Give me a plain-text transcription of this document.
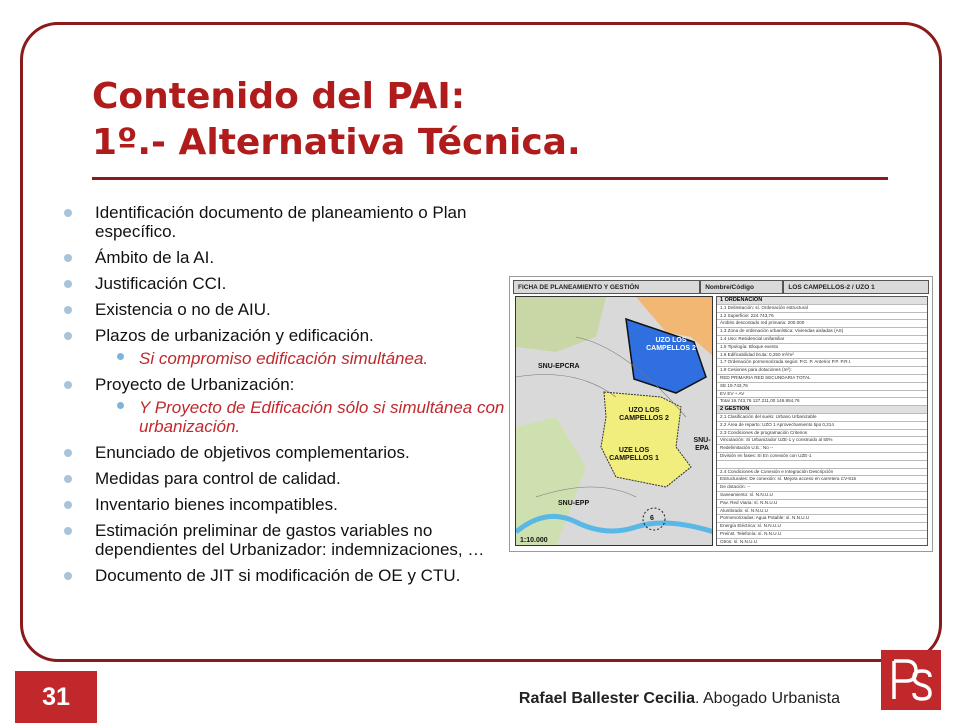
Contenido del PAI:
1º.- Alternativa Técnica.
Identificación documento de planeamiento o Plan específico.
Ámbito de la AI.
Justificación CCI.
Existencia o no de AIU.
Plazos de urbanización y edificación.
Si compromiso edificación simultánea.
Proyecto de Urbanización:
Y Proyecto de Edificación sólo si simultánea con urbanización.
Enunciado de objetivos complementarios.
Medidas para control de calidad.
Inventario bienes incompatibles.
Estimación preliminar de gastos variables no dependientes del Urbanizador: indemnizaciones, …
Documento de JIT si modificación de OE y CTU.
FICHA DE PLANEAMIENTO Y GESTIÓN	Nombre/Código	LOS CAMPELLOS-2 / UZO 1
UZO LOS CAMPELLOS 2
SNU-EPCRA
UZO LOS CAMPELLOS 2
UZE LOS CAMPELLOS 1
SNU-EPP
SNU-EPA
6
1:10.000
1 ORDENACIÓN
1.1 Delimitación: sí. Ordenación estructural
1.2 Superficie: 224.743,76
Ámbito descontado red primaria: 200.000
1.3 Zona de ordenación urbanística: Viviendas aisladas (AS)
1.4 Uso: Residencial unifamiliar
1.5 Tipología: Bloque exento
1.6 Edificabilidad bruta: 0,250 m²/m²
1.7 Ordenación pormenorizada según: P.G. P. Anterior P.P. P.R.I.
1.8 Cesiones para dotaciones (m²):
RED PRIMARIA RED SECUNDARIA TOTAL
SE 19.743,76
EV EV + AV
Total 19.743,76 127.211,00 146.954,76
2 GESTIÓN
2.1 Clasificación del suelo: Urbano Urbanizable
2.2 Área de reparto: UZO 1 Aprovechamiento tipo 0,214
2.3 Condiciones de programación Criterios
Vinculación: Sí Urbanizador UZE-1 y construido al 50%
Redelimitación U.E.: No --
División en fases: Sí En conexión con UZE-1
2.4 Condiciones de Conexión e Integración Descripción
Estructurales: De conexión: sí. Mejora acceso en carretera CV-815
De dotación: --
Saneamiento: sí. N.N.U.U
Pav. Red Viaria: sí. N.N.U.U
Alumbrado: sí. N.N.U.U
Pormenorizadas: Agua Potable: sí. N.N.U.U
Energía Eléctrica: sí. N.N.U.U
Preinst. Telefonía: sí. N.N.U.U
Otros: sí. N.N.U.U
31	Rafael Ballester Cecilia. Abogado Urbanista
